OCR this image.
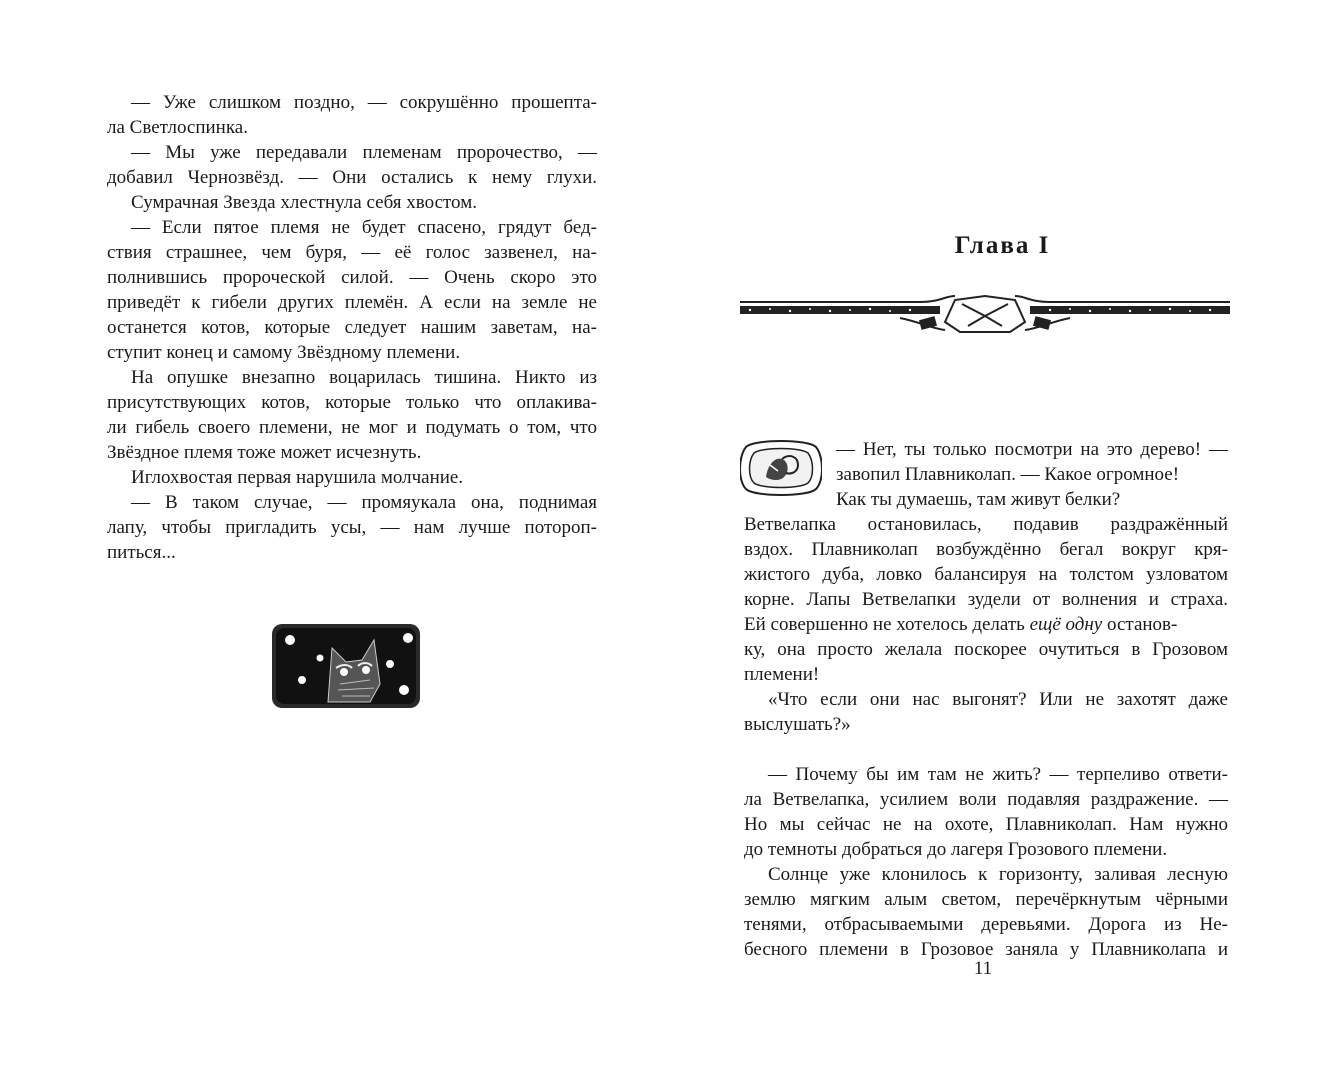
— Уже слишком поздно, — сокрушённо прошепта-
ла Светлоспинка.
— Мы уже передавали племенам пророчество, —
добавил Чернозвёзд. — Они остались к нему глухи.
Сумрачная Звезда хлестнула себя хвостом.
— Если пятое племя не будет спасено, грядут бед-
ствия страшнее, чем буря, — её голос зазвенел, на-
полнившись пророческой силой. — Очень скоро это
приведёт к гибели других племён. А если на земле не
останется котов, которые следует нашим заветам, на-
ступит конец и самому Звёздному племени.
На опушке внезапно воцарилась тишина. Никто из
присутствующих котов, которые только что оплакива-
ли гибель своего племени, не мог и подумать о том, что
Звёздное племя тоже может исчезнуть.
Иглохвостая первая нарушила молчание.
— В таком случае, — промяукала она, поднимая
лапу, чтобы пригладить усы, — нам лучше потороп-
питься...
Глава I
— Нет, ты только посмотри на это дерево! —
завопил Плавниколап. — Какое огромное!
Как ты думаешь, там живут белки?
Ветвелапка остановилась, подавив раздражённый
вздох. Плавниколап возбуждённо бегал вокруг кря-
жистого дуба, ловко балансируя на толстом узловатом
корне. Лапы Ветвелапки зудели от волнения и страха.
Ей совершенно не хотелось делать ещё одну останов-
ку, она просто желала поскорее очутиться в Грозовом
племени!
«Что если они нас выгонят? Или не захотят даже
выслушать?»
— Почему бы им там не жить? — терпеливо ответи-
ла Ветвелапка, усилием воли подавляя раздражение. —
Но мы сейчас не на охоте, Плавниколап. Нам нужно
до темноты добраться до лагеря Грозового племени.
Солнце уже клонилось к горизонту, заливая лесную
землю мягким алым светом, перечёркнутым чёрными
тенями, отбрасываемыми деревьями. Дорога из Не-
бесного племени в Грозовое заняла у Плавниколапа и
11
